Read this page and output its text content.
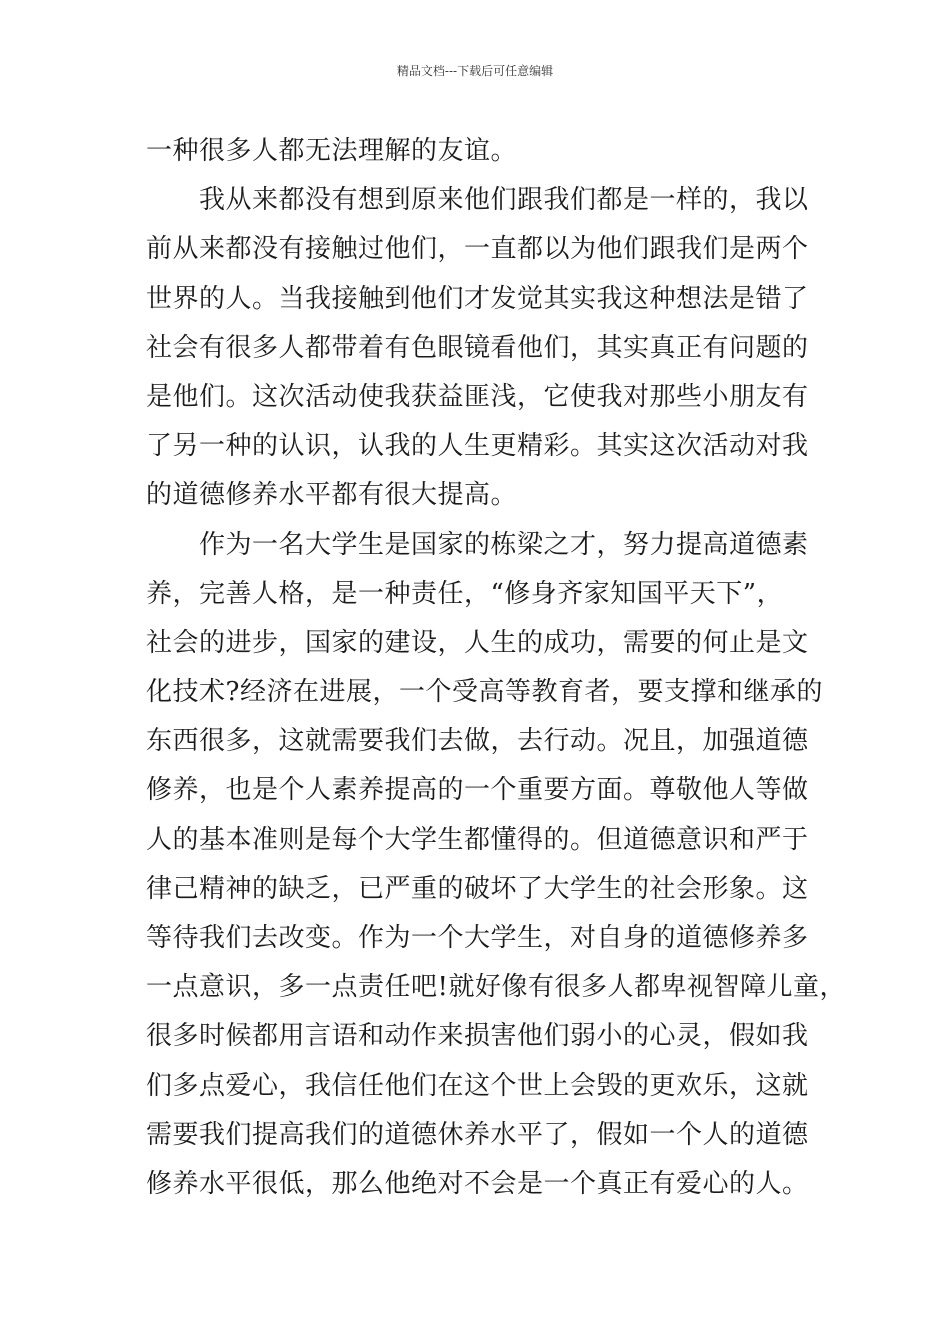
精品文档---下载后可任意编辑
一种很多人都无法理解的友谊。
　　我从来都没有想到原来他们跟我们都是一样的，我以
前从来都没有接触过他们，一直都以为他们跟我们是两个
世界的人。当我接触到他们才发觉其实我这种想法是错了
社会有很多人都带着有色眼镜看他们，其实真正有问题的
是他们。这次活动使我获益匪浅，它使我对那些小朋友有
了另一种的认识，认我的人生更精彩。其实这次活动对我
的道德修养水平都有很大提高。
　　作为一名大学生是国家的栋梁之才，努力提高道德素
养，完善人格，是一种责任，“修身齐家知国平天下”，
社会的进步，国家的建设，人生的成功，需要的何止是文
化技术?经济在进展，一个受高等教育者，要支撑和继承的
东西很多，这就需要我们去做，去行动。况且，加强道德
修养，也是个人素养提高的一个重要方面。尊敬他人等做
人的基本准则是每个大学生都懂得的。但道德意识和严于
律己精神的缺乏，已严重的破坏了大学生的社会形象。这
等待我们去改变。作为一个大学生，对自身的道德修养多
一点意识，多一点责任吧!就好像有很多人都卑视智障儿童，
很多时候都用言语和动作来损害他们弱小的心灵，假如我
们多点爱心，我信任他们在这个世上会毁的更欢乐，这就
需要我们提高我们的道德休养水平了，假如一个人的道德
修养水平很低，那么他绝对不会是一个真正有爱心的人。
